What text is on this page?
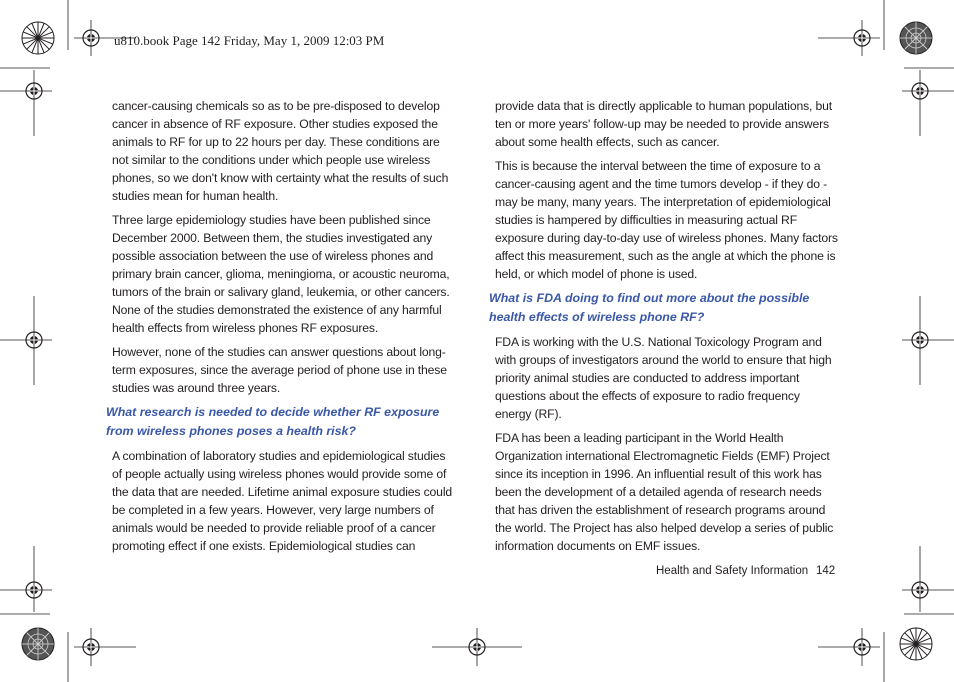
u810.book Page 142 Friday, May 1, 2009 12:03 PM

cancer-causing chemicals so as to be pre-disposed to develop cancer in absence of RF exposure. Other studies exposed the animals to RF for up to 22 hours per day. These conditions are not similar to the conditions under which people use wireless phones, so we don't know with certainty what the results of such studies mean for human health.

Three large epidemiology studies have been published since December 2000. Between them, the studies investigated any possible association between the use of wireless phones and primary brain cancer, glioma, meningioma, or acoustic neuroma, tumors of the brain or salivary gland, leukemia, or other cancers. None of the studies demonstrated the existence of any harmful health effects from wireless phones RF exposures.

However, none of the studies can answer questions about long-term exposures, since the average period of phone use in these studies was around three years.

What research is needed to decide whether RF exposure from wireless phones poses a health risk?

A combination of laboratory studies and epidemiological studies of people actually using wireless phones would provide some of the data that are needed. Lifetime animal exposure studies could be completed in a few years. However, very large numbers of animals would be needed to provide reliable proof of a cancer promoting effect if one exists. Epidemiological studies can

provide data that is directly applicable to human populations, but ten or more years' follow-up may be needed to provide answers about some health effects, such as cancer.

This is because the interval between the time of exposure to a cancer-causing agent and the time tumors develop - if they do - may be many, many years. The interpretation of epidemiological studies is hampered by difficulties in measuring actual RF exposure during day-to-day use of wireless phones. Many factors affect this measurement, such as the angle at which the phone is held, or which model of phone is used.

What is FDA doing to find out more about the possible health effects of wireless phone RF?

FDA is working with the U.S. National Toxicology Program and with groups of investigators around the world to ensure that high priority animal studies are conducted to address important questions about the effects of exposure to radio frequency energy (RF).

FDA has been a leading participant in the World Health Organization international Electromagnetic Fields (EMF) Project since its inception in 1996. An influential result of this work has been the development of a detailed agenda of research needs that has driven the establishment of research programs around the world. The Project has also helped develop a series of public information documents on EMF issues.

Health and Safety Information 142
